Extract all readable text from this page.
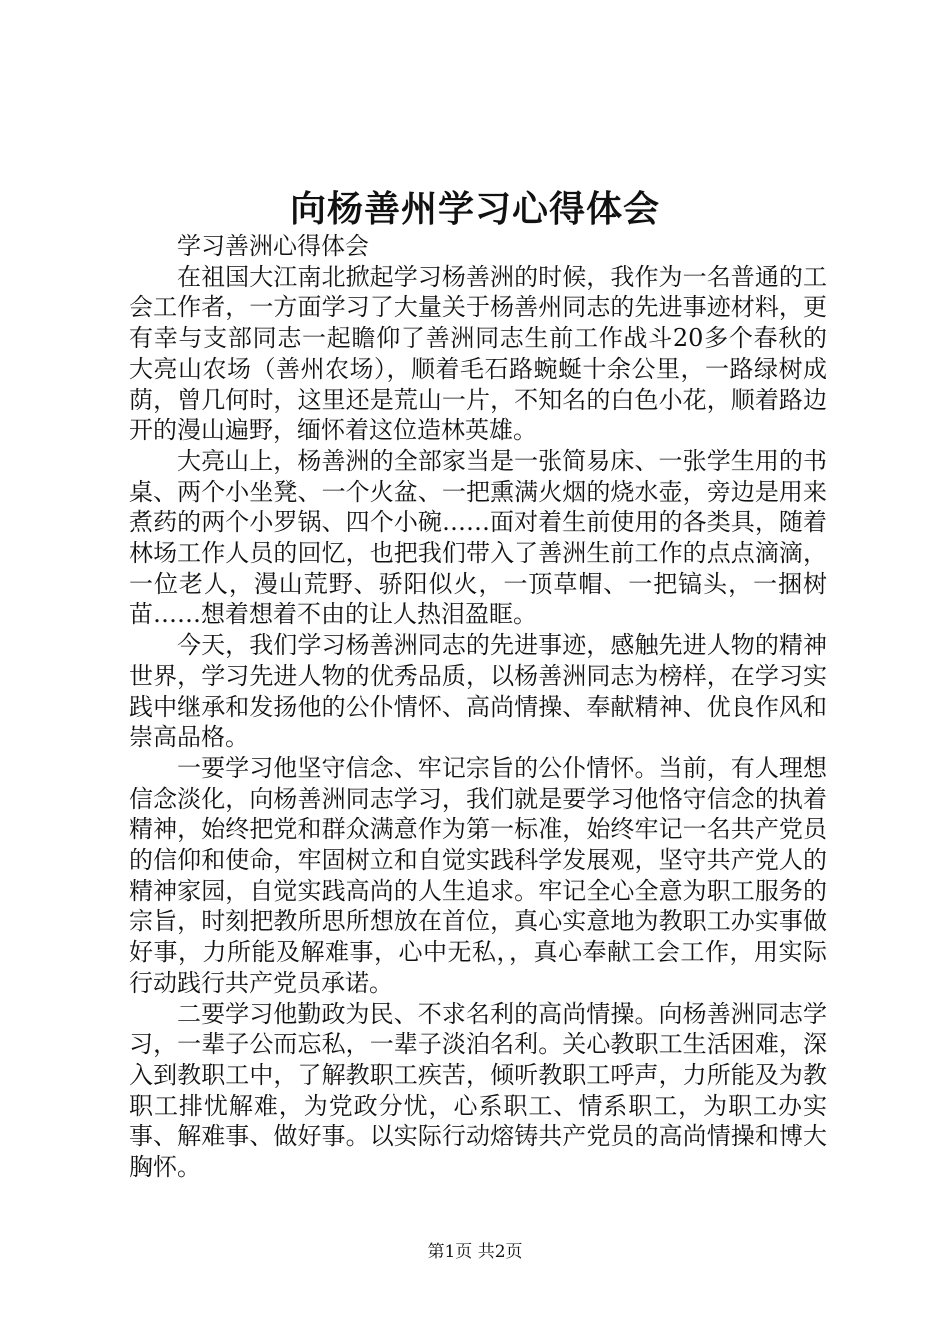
向杨善州学习心得体会

学习善洲心得体会

在祖国大江南北掀起学习杨善洲的时候，我作为一名普通的工会工作者，一方面学习了大量关于杨善州同志的先进事迹材料，更有幸与支部同志一起瞻仰了善洲同志生前工作战斗20多个春秋的大亮山农场（善州农场），顺着毛石路蜿蜒十余公里，一路绿树成荫，曾几何时，这里还是荒山一片，不知名的白色小花，顺着路边开的漫山遍野，缅怀着这位造林英雄。

大亮山上，杨善洲的全部家当是一张简易床、一张学生用的书桌、两个小坐凳、一个火盆、一把熏满火烟的烧水壶，旁边是用来煮药的两个小罗锅、四个小碗……面对着生前使用的各类具，随着林场工作人员的回忆，也把我们带入了善洲生前工作的点点滴滴，一位老人，漫山荒野、骄阳似火，一顶草帽、一把镐头，一捆树苗……想着想着不由的让人热泪盈眶。

今天，我们学习杨善洲同志的先进事迹，感触先进人物的精神世界，学习先进人物的优秀品质，以杨善洲同志为榜样，在学习实践中继承和发扬他的公仆情怀、高尚情操、奉献精神、优良作风和崇高品格。

一要学习他坚守信念、牢记宗旨的公仆情怀。当前，有人理想信念淡化，向杨善洲同志学习，我们就是要学习他恪守信念的执着精神，始终把党和群众满意作为第一标准，始终牢记一名共产党员的信仰和使命，牢固树立和自觉实践科学发展观，坚守共产党人的精神家园，自觉实践高尚的人生追求。牢记全心全意为职工服务的宗旨，时刻把教所思所想放在首位，真心实意地为教职工办实事做好事，力所能及解难事，心中无私，，真心奉献工会工作，用实际行动践行共产党员承诺。

二要学习他勤政为民、不求名利的高尚情操。向杨善洲同志学习，一辈子公而忘私，一辈子淡泊名利。关心教职工生活困难，深入到教职工中，了解教职工疾苦，倾听教职工呼声，力所能及为教职工排忧解难，为党政分忧，心系职工、情系职工，为职工办实事、解难事、做好事。以实际行动熔铸共产党员的高尚情操和博大胸怀。

第1页 共2页
